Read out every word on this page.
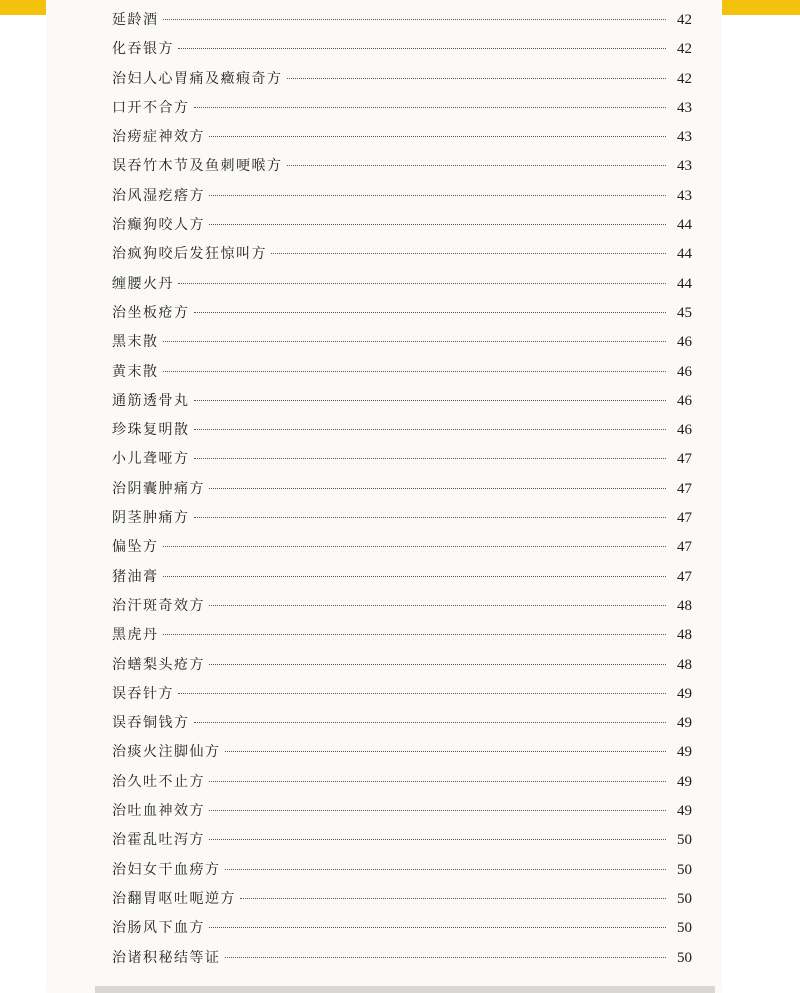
延龄酒	42
化吞银方	42
治妇人心胃痛及癥瘕奇方	42
口开不合方	43
治痨症神效方	43
误吞竹木节及鱼刺哽喉方	43
治风湿疙瘩方	43
治癫狗咬人方	44
治疯狗咬后发狂惊叫方	44
缠腰火丹	44
治坐板疮方	45
黑末散	46
黄末散	46
通筋透骨丸	46
珍珠复明散	46
小儿聋哑方	47
治阴囊肿痛方	47
阴茎肿痛方	47
偏坠方	47
猪油膏	47
治汗斑奇效方	48
黑虎丹	48
治蟮梨头疮方	48
误吞针方	49
误吞铜钱方	49
治痰火注脚仙方	49
治久吐不止方	49
治吐血神效方	49
治霍乱吐泻方	50
治妇女干血痨方	50
治翻胃呕吐呃逆方	50
治肠风下血方	50
治诸积秘结等证	50
